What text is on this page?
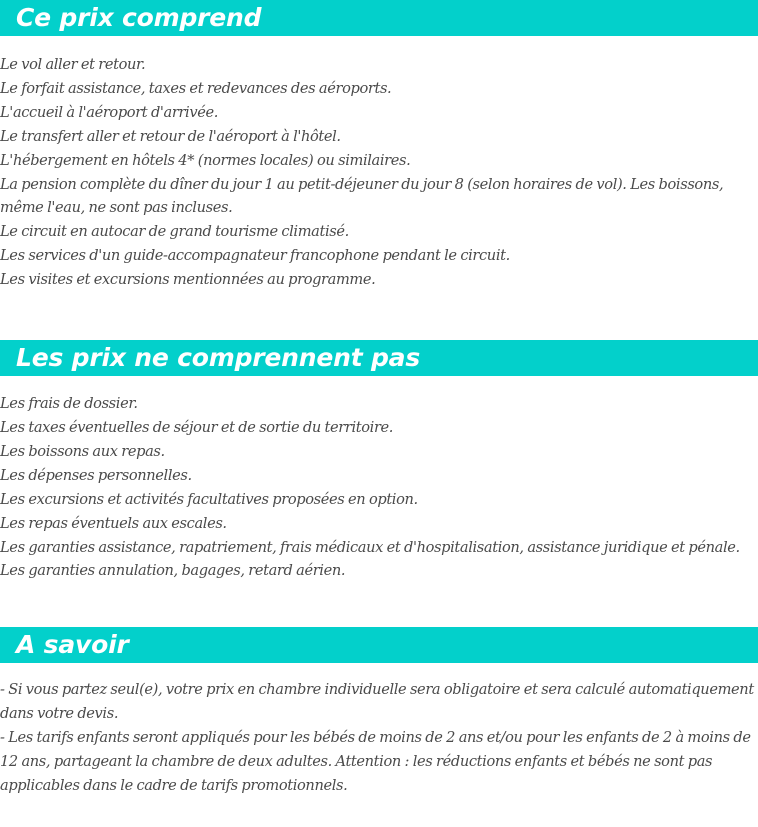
Ce prix comprend

Le vol aller et retour.

Le forfait assistance, taxes et redevances des aéroports.

L'accueil à l'aéroport d'arrivée.

Le transfert aller et retour de l'aéroport à l'hôtel.

L'hébergement en hôtels 4* (normes locales) ou similaires.

La pension complète du dîner du jour 1 au petit-déjeuner du jour 8 (selon horaires de vol). Les boissons, même l'eau, ne sont pas incluses.

Le circuit en autocar de grand tourisme climatisé.

Les services d'un guide-accompagnateur francophone pendant le circuit.

Les visites et excursions mentionnées au programme.

Les prix ne comprennent pas

Les frais de dossier.

Les taxes éventuelles de séjour et de sortie du territoire.

Les boissons aux repas.

Les dépenses personnelles.

Les excursions et activités facultatives proposées en option.

Les repas éventuels aux escales.

Les garanties assistance, rapatriement, frais médicaux et d'hospitalisation, assistance juridique et pénale.

Les garanties annulation, bagages, retard aérien.

A savoir

- Si vous partez seul(e), votre prix en chambre individuelle sera obligatoire et sera calculé automatiquement dans votre devis.

- Les tarifs enfants seront appliqués pour les bébés de moins de 2 ans et/ou pour les enfants de 2 à moins de 12 ans, partageant la chambre de deux adultes. Attention : les réductions enfants et bébés ne sont pas applicables dans le cadre de tarifs promotionnels.
